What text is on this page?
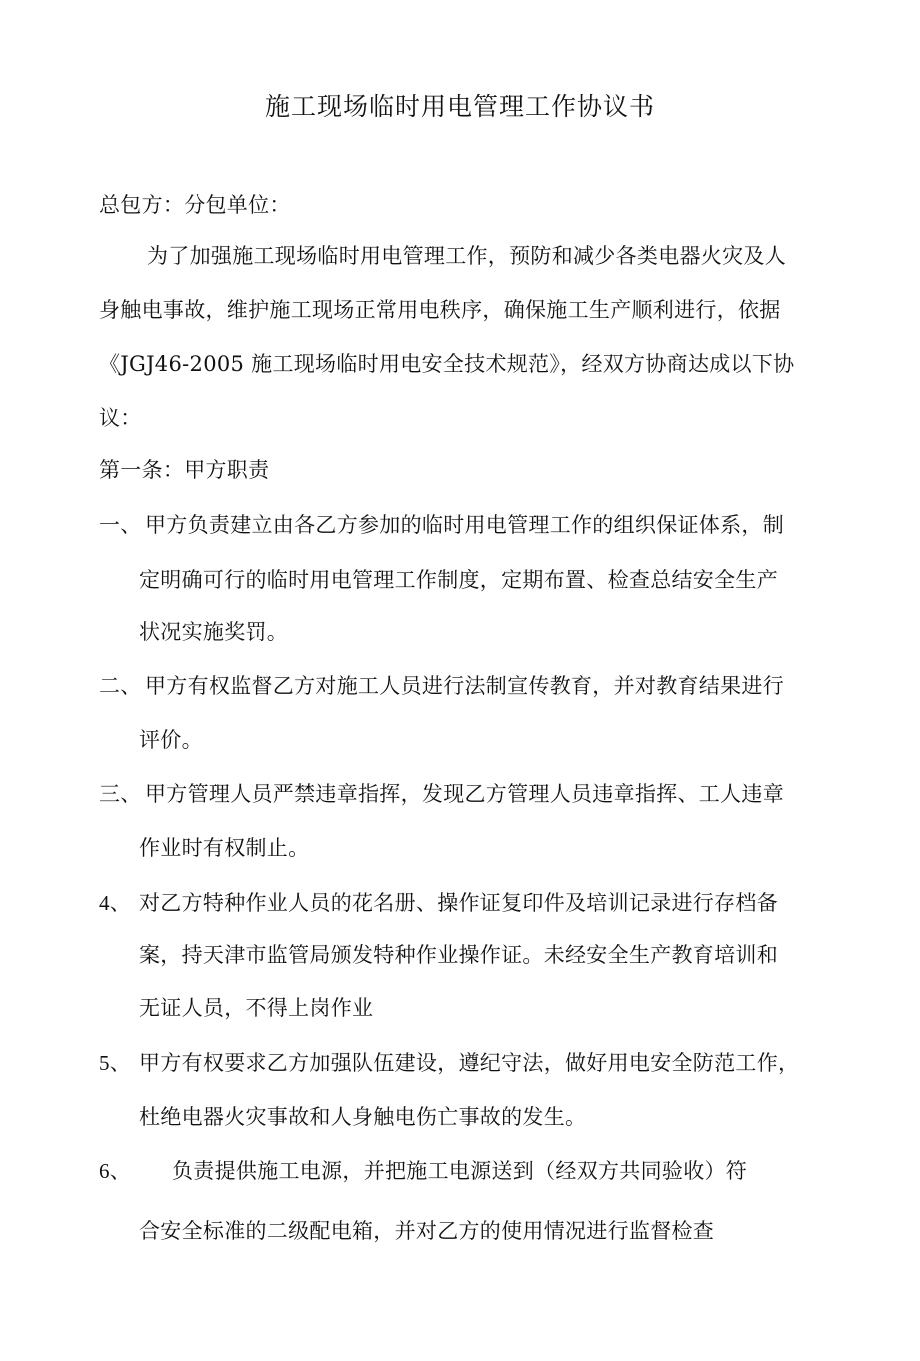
施工现场临时用电管理工作协议书
总包方：分包单位：
为了加强施工现场临时用电管理工作，预防和减少各类电器火灾及人
身触电事故，维护施工现场正常用电秩序，确保施工生产顺利进行，依据
《JGJ46-2005 施工现场临时用电安全技术规范》，经双方协商达成以下协
议：
第一条：甲方职责
一、 甲方负责建立由各乙方参加的临时用电管理工作的组织保证体系，制
定明确可行的临时用电管理工作制度，定期布置、检查总结安全生产
状况实施奖罚。
二、 甲方有权监督乙方对施工人员进行法制宣传教育，并对教育结果进行
评价。
三、 甲方管理人员严禁违章指挥，发现乙方管理人员违章指挥、工人违章
作业时有权制止。
4、 对乙方特种作业人员的花名册、操作证复印件及培训记录进行存档备
案，持天津市监管局颁发特种作业操作证。未经安全生产教育培训和
无证人员，不得上岗作业
5、 甲方有权要求乙方加强队伍建设，遵纪守法，做好用电安全防范工作，
杜绝电器火灾事故和人身触电伤亡事故的发生。
6、 负责提供施工电源，并把施工电源送到（经双方共同验收）符
合安全标准的二级配电箱，并对乙方的使用情况进行监督检查
